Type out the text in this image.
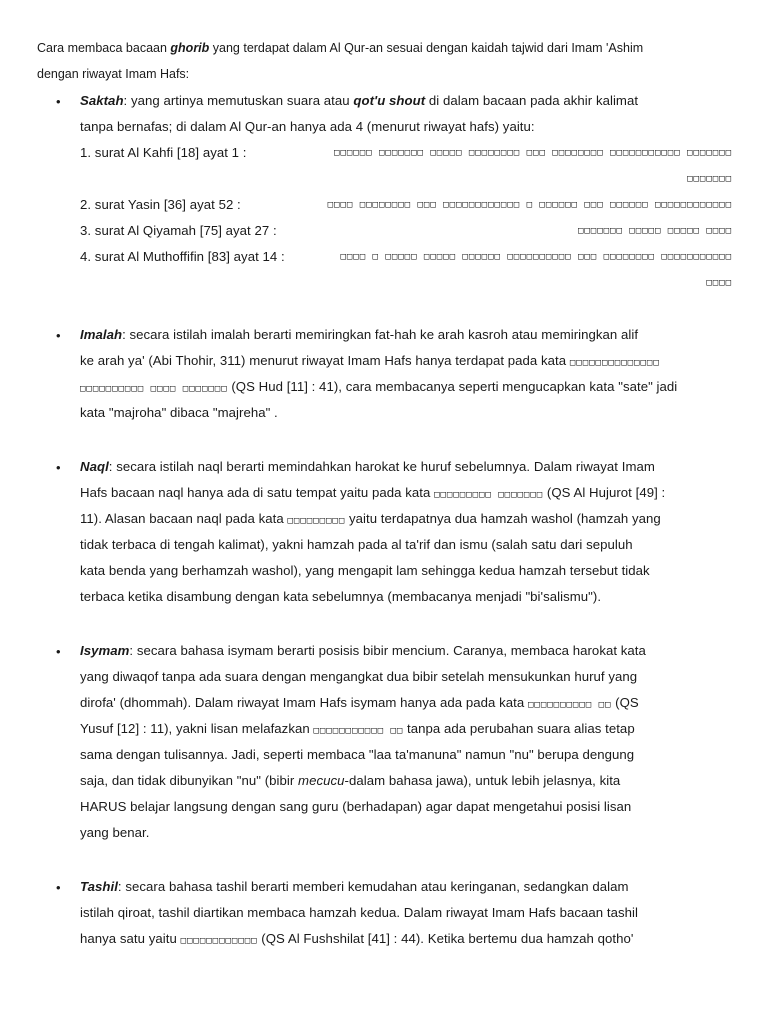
Cara membaca bacaan ghorib yang terdapat dalam Al Qur-an sesuai dengan kaidah tajwid dari Imam 'Ashim
dengan riwayat Imam Hafs:
• Saktah: yang artinya memutuskan suara atau qot'u shout di dalam bacaan pada akhir kalimat
tanpa bernafas; di dalam Al Qur-an hanya ada 4 (menurut riwayat hafs) yaitu:
1. surat Al Kahfi [18] ayat 1 :	□□□□□□ □□□□□□□ □□□□□ □□□□□□□□ □□□ □□□□□□□□ □□□□□□□□□□□ □□□□□□□
□□□□□□□
2. surat Yasin [36] ayat 52 :	□□□□ □□□□□□□□ □□□ □□□□□□□□□□□□ □ □□□□□□ □□□ □□□□□□ □□□□□□□□□□□□
3. surat Al Qiyamah [75] ayat 27 :	□□□□□□□ □□□□□ □□□□□ □□□□
4. surat Al Muthoffifin [83] ayat 14 :	□□□□ □ □□□□□ □□□□□ □□□□□□ □□□□□□□□□□ □□□ □□□□□□□□ □□□□□□□□□□□
□□□□
• Imalah: secara istilah imalah berarti memiringkan fat-hah ke arah kasroh atau memiringkan alif
ke arah ya' (Abi Thohir, 311) menurut riwayat Imam Hafs hanya terdapat pada kata □□□□□□□□□□□□□□
□□□□□□□□□□ □□□□ □□□□□□□ (QS Hud [11] : 41), cara membacanya seperti mengucapkan kata "sate" jadi
kata "majroha" dibaca "majreha" .
• Naql: secara istilah naql berarti memindahkan harokat ke huruf sebelumnya. Dalam riwayat Imam
Hafs bacaan naql hanya ada di satu tempat yaitu pada kata □□□□□□□□□ □□□□□□□ (QS Al Hujurot [49] :
11). Alasan bacaan naql pada kata □□□□□□□□□ yaitu terdapatnya dua hamzah washol (hamzah yang
tidak terbaca di tengah kalimat), yakni hamzah pada al ta'rif dan ismu (salah satu dari sepuluh
kata benda yang berhamzah washol), yang mengapit lam sehingga kedua hamzah tersebut tidak
terbaca ketika disambung dengan kata sebelumnya (membacanya menjadi "bi'salismu").
• Isymam: secara bahasa isymam berarti posisis bibir mencium. Caranya, membaca harokat kata
yang diwaqof tanpa ada suara dengan mengangkat dua bibir setelah mensukunkan huruf yang
dirofa' (dhommah). Dalam riwayat Imam Hafs isymam hanya ada pada kata □□□□□□□□□□ □□ (QS
Yusuf [12] : 11), yakni lisan melafazkan □□□□□□□□□□□ □□ tanpa ada perubahan suara alias tetap
sama dengan tulisannya. Jadi, seperti membaca "laa ta'manuna" namun "nu" berupa dengung
saja, dan tidak dibunyikan "nu" (bibir mecucu-dalam bahasa jawa), untuk lebih jelasnya, kita
HARUS belajar langsung dengan sang guru (berhadapan) agar dapat mengetahui posisi lisan
yang benar.
• Tashil: secara bahasa tashil berarti memberi kemudahan atau keringanan, sedangkan dalam
istilah qiroat, tashil diartikan membaca hamzah kedua. Dalam riwayat Imam Hafs bacaan tashil
hanya satu yaitu □□□□□□□□□□□□ (QS Al Fushshilat [41] : 44). Ketika bertemu dua hamzah qotho'
